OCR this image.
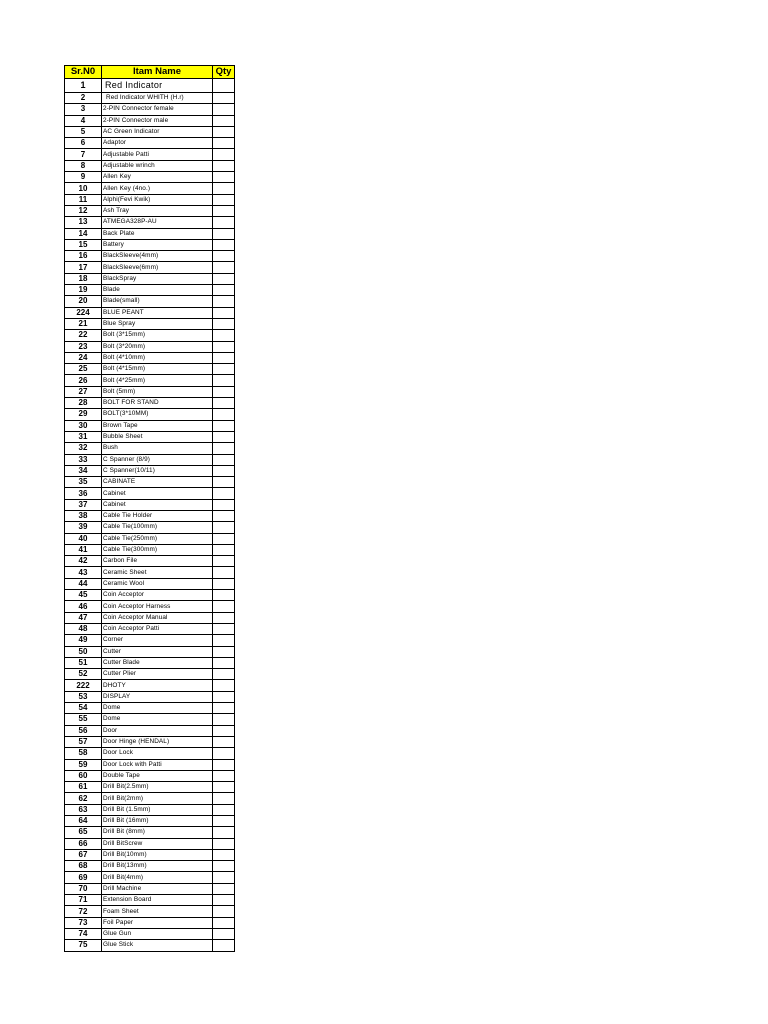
Sr.N0	Itam Name	Qty
1	Red Indicator	
2	Red Indicator WHITH (H.r)	
3	2-PIN Connector female	
4	2-PIN Connector male	
5	AC Green Indicator	
6	Adaptor	
7	Adjustable Patti	
8	Adjustable wrinch	
9	Allen Key	
10	Allen Key (4no.)	
11	Alphi(Fevi Kwik)	
12	Ash Tray	
13	ATMEGA328P-AU	
14	Back Plate	
15	Battery	
16	BlackSleeve(4mm)	
17	BlackSleeve(6mm)	
18	BlackSpray	
19	Blade	
20	Blade(small)	
224	BLUE PEANT	
21	Blue Spray	
22	Bolt (3*15mm)	
23	Bolt (3*20mm)	
24	Bolt (4*10mm)	
25	Bolt (4*15mm)	
26	Bolt (4*25mm)	
27	Bolt (5mm)	
28	BOLT FOR STAND	
29	BOLT(3*10MM)	
30	Brown Tape	
31	Bubble Sheet	
32	Bush	
33	C Spanner (8/9)	
34	C Spanner(10/11)	
35	CABINATE	
36	Cabinet	
37	Cabinet	
38	Cable Tie Holder	
39	Cable Tie(100mm)	
40	Cable Tie(250mm)	
41	Cable Tie(300mm)	
42	Carbon File	
43	Ceramic Sheet	
44	Ceramic Wool	
45	Coin Acceptor	
46	Coin Acceptor Harness	
47	Coin Acceptor Manual	
48	Coin Acceptor Patti	
49	Corner	
50	Cutter	
51	Cutter Blade	
52	Cutter Plier	
222	DHOTY	
53	DISPLAY	
54	Dome	
55	Dome	
56	Door	
57	Door Hinge (HENDAL)	
58	Door Lock	
59	Door Lock with Patti	
60	Double Tape	
61	Drill Bit(2.5mm)	
62	Drill Bit(2mm)	
63	Drill Bit (1.5mm)	
64	Drill Bit (16mm)	
65	Drill Bit (8mm)	
66	Drill BitScrew	
67	Drill Bit(10mm)	
68	Drill Bit(13mm)	
69	Drill Bit(4mm)	
70	Drill Machine	
71	Extension Board	
72	Foam Sheet	
73	Foil Paper	
74	Glue Gun	
75	Glue Stick	
